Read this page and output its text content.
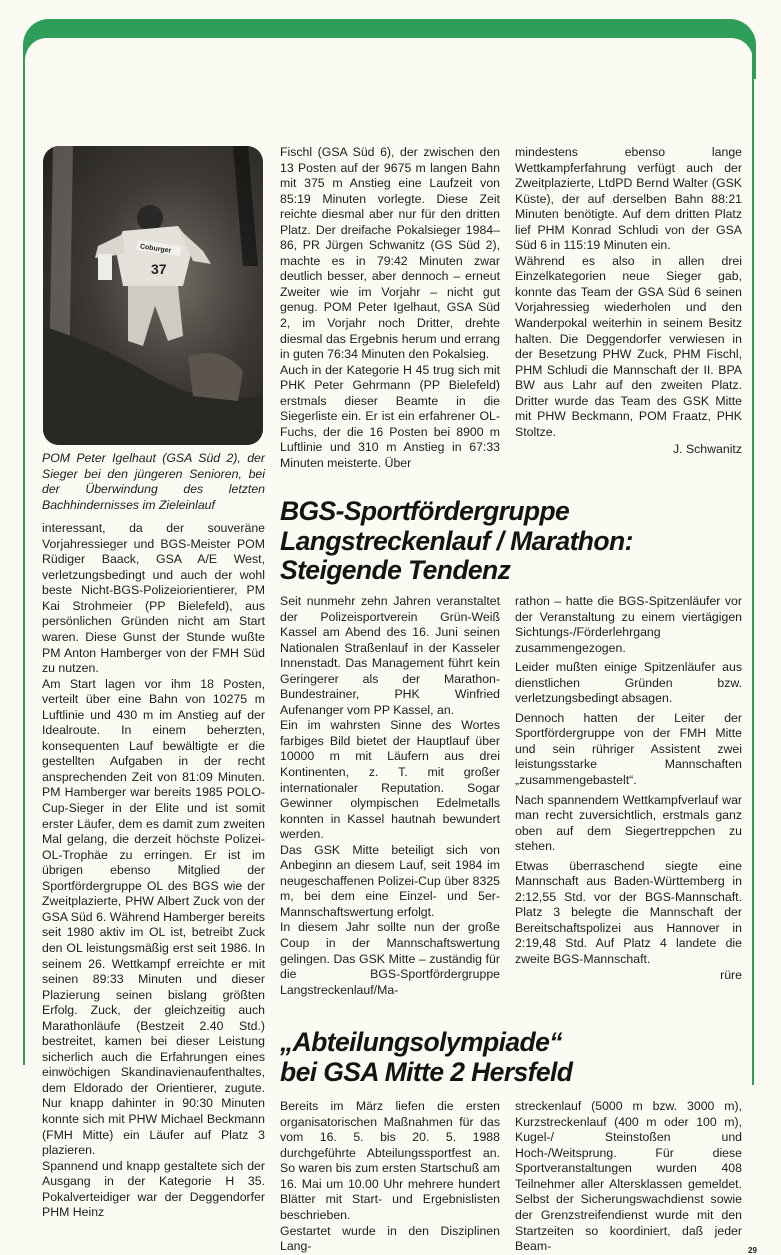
Coburger
37

POM Peter Igelhaut (GSA Süd 2), der Sieger bei den jüngeren Senioren, bei der Überwindung des letzten Bachhindernisses im Zieleinlauf

interessant, da der souveräne Vorjahressieger und BGS-Meister POM Rüdiger Baack, GSA A/E West, verletzungsbedingt und auch der wohl beste Nicht-BGS-Polizeiorientierer, PM Kai Strohmeier (PP Bielefeld), aus persönlichen Gründen nicht am Start waren. Diese Gunst der Stunde wußte PM Anton Hamberger von der FMH Süd zu nutzen.

Am Start lagen vor ihm 18 Posten, verteilt über eine Bahn von 10275 m Luftlinie und 430 m im Anstieg auf der Idealroute. In einem beherzten, konsequenten Lauf bewältigte er die gestellten Aufgaben in der recht ansprechenden Zeit von 81:09 Minuten. PM Hamberger war bereits 1985 POLO-Cup-Sieger in der Elite und ist somit erster Läufer, dem es damit zum zweiten Mal gelang, die derzeit höchste Polizei-OL-Trophäe zu erringen. Er ist im übrigen ebenso Mitglied der Sportfördergruppe OL des BGS wie der Zweitplazierte, PHW Albert Zuck von der GSA Süd 6. Während Hamberger bereits seit 1980 aktiv im OL ist, betreibt Zuck den OL leistungsmäßig erst seit 1986. In seinem 26. Wettkampf erreichte er mit seinen 89:33 Minuten und dieser Plazierung seinen bislang größten Erfolg. Zuck, der gleichzeitig auch Marathonläufe (Bestzeit 2.40 Std.) bestreitet, kamen bei dieser Leistung sicherlich auch die Erfahrungen eines einwöchigen Skandinavienaufenthaltes, dem Eldorado der Orientierer, zugute. Nur knapp dahinter in 90:30 Minuten konnte sich mit PHW Michael Beckmann (FMH Mitte) ein Läufer auf Platz 3 plazieren.

Spannend und knapp gestaltete sich der Ausgang in der Kategorie H 35. Pokalverteidiger war der Deggendorfer PHM Heinz

Fischl (GSA Süd 6), der zwischen den 13 Posten auf der 9675 m langen Bahn mit 375 m Anstieg eine Laufzeit von 85:19 Minuten vorlegte. Diese Zeit reichte diesmal aber nur für den dritten Platz. Der dreifache Pokalsieger 1984–86, PR Jürgen Schwanitz (GS Süd 2), machte es in 79:42 Minuten zwar deutlich besser, aber dennoch – erneut Zweiter wie im Vorjahr – nicht gut genug. POM Peter Igelhaut, GSA Süd 2, im Vorjahr noch Dritter, drehte diesmal das Ergebnis herum und errang in guten 76:34 Minuten den Pokalsieg.

Auch in der Kategorie H 45 trug sich mit PHK Peter Gehrmann (PP Bielefeld) erstmals dieser Beamte in die Siegerliste ein. Er ist ein erfahrener OL-Fuchs, der die 16 Posten bei 8900 m Luftlinie und 310 m Anstieg in 67:33 Minuten meisterte. Über

mindestens ebenso lange Wettkampferfahrung verfügt auch der Zweitplazierte, LtdPD Bernd Walter (GSK Küste), der auf derselben Bahn 88:21 Minuten benötigte. Auf dem dritten Platz lief PHM Konrad Schludi von der GSA Süd 6 in 115:19 Minuten ein.

Während es also in allen drei Einzelkategorien neue Sieger gab, konnte das Team der GSA Süd 6 seinen Vorjahressieg wiederholen und den Wanderpokal weiterhin in seinem Besitz halten. Die Deggendorfer verwiesen in der Besetzung PHW Zuck, PHM Fischl, PHM Schludi die Mannschaft der II. BPA BW aus Lahr auf den zweiten Platz. Dritter wurde das Team des GSK Mitte mit PHW Beckmann, POM Fraatz, PHK Stoltze.

J. Schwanitz

BGS-Sportfördergruppe
Langstreckenlauf / Marathon:
Steigende Tendenz

Seit nunmehr zehn Jahren veranstaltet der Polizeisportverein Grün-Weiß Kassel am Abend des 16. Juni seinen Nationalen Straßenlauf in der Kasseler Innenstadt. Das Management führt kein Geringerer als der Marathon-Bundestrainer, PHK Winfried Aufenanger vom PP Kassel, an.

Ein im wahrsten Sinne des Wortes farbiges Bild bietet der Hauptlauf über 10000 m mit Läufern aus drei Kontinenten, z. T. mit großer internationaler Reputation. Sogar Gewinner olympischen Edelmetalls konnten in Kassel hautnah bewundert werden.

Das GSK Mitte beteiligt sich von Anbeginn an diesem Lauf, seit 1984 im neugeschaffenen Polizei-Cup über 8325 m, bei dem eine Einzel- und 5er-Mannschaftswertung erfolgt.

In diesem Jahr sollte nun der große Coup in der Mannschaftswertung gelingen. Das GSK Mitte – zuständig für die BGS-Sportfördergruppe Langstreckenlauf/Ma-

rathon – hatte die BGS-Spitzenläufer vor der Veranstaltung zu einem viertägigen Sichtungs-/Förderlehrgang zusammengezogen.

Leider mußten einige Spitzenläufer aus dienstlichen Gründen bzw. verletzungsbedingt absagen.

Dennoch hatten der Leiter der Sportfördergruppe von der FMH Mitte und sein rühriger Assistent zwei leistungsstarke Mannschaften „zusammengebastelt“.

Nach spannendem Wettkampfverlauf war man recht zuversichtlich, erstmals ganz oben auf dem Siegertreppchen zu stehen.

Etwas überraschend siegte eine Mannschaft aus Baden-Württemberg in 2:12,55 Std. vor der BGS-Mannschaft. Platz 3 belegte die Mannschaft der Bereitschaftspolizei aus Hannover in 2:19,48 Std. Auf Platz 4 landete die zweite BGS-Mannschaft.

rüre

„Abteilungsolympiade“
bei GSA Mitte 2 Hersfeld

Bereits im März liefen die ersten organisatorischen Maßnahmen für das vom 16. 5. bis 20. 5. 1988 durchgeführte Abteilungssportfest an. So waren bis zum ersten Startschuß am 16. Mai um 10.00 Uhr mehrere hundert Blätter mit Start- und Ergebnislisten beschrieben.

Gestartet wurde in den Disziplinen Lang-

streckenlauf (5000 m bzw. 3000 m), Kurzstreckenlauf (400 m oder 100 m), Kugel-/ Steinstoßen und Hoch-/Weitsprung. Für diese Sportveranstaltungen wurden 408 Teilnehmer aller Altersklassen gemeldet. Selbst der Sicherungswachdienst sowie der Grenzstreifendienst wurde mit den Startzeiten so koordiniert, daß jeder Beam-	29
